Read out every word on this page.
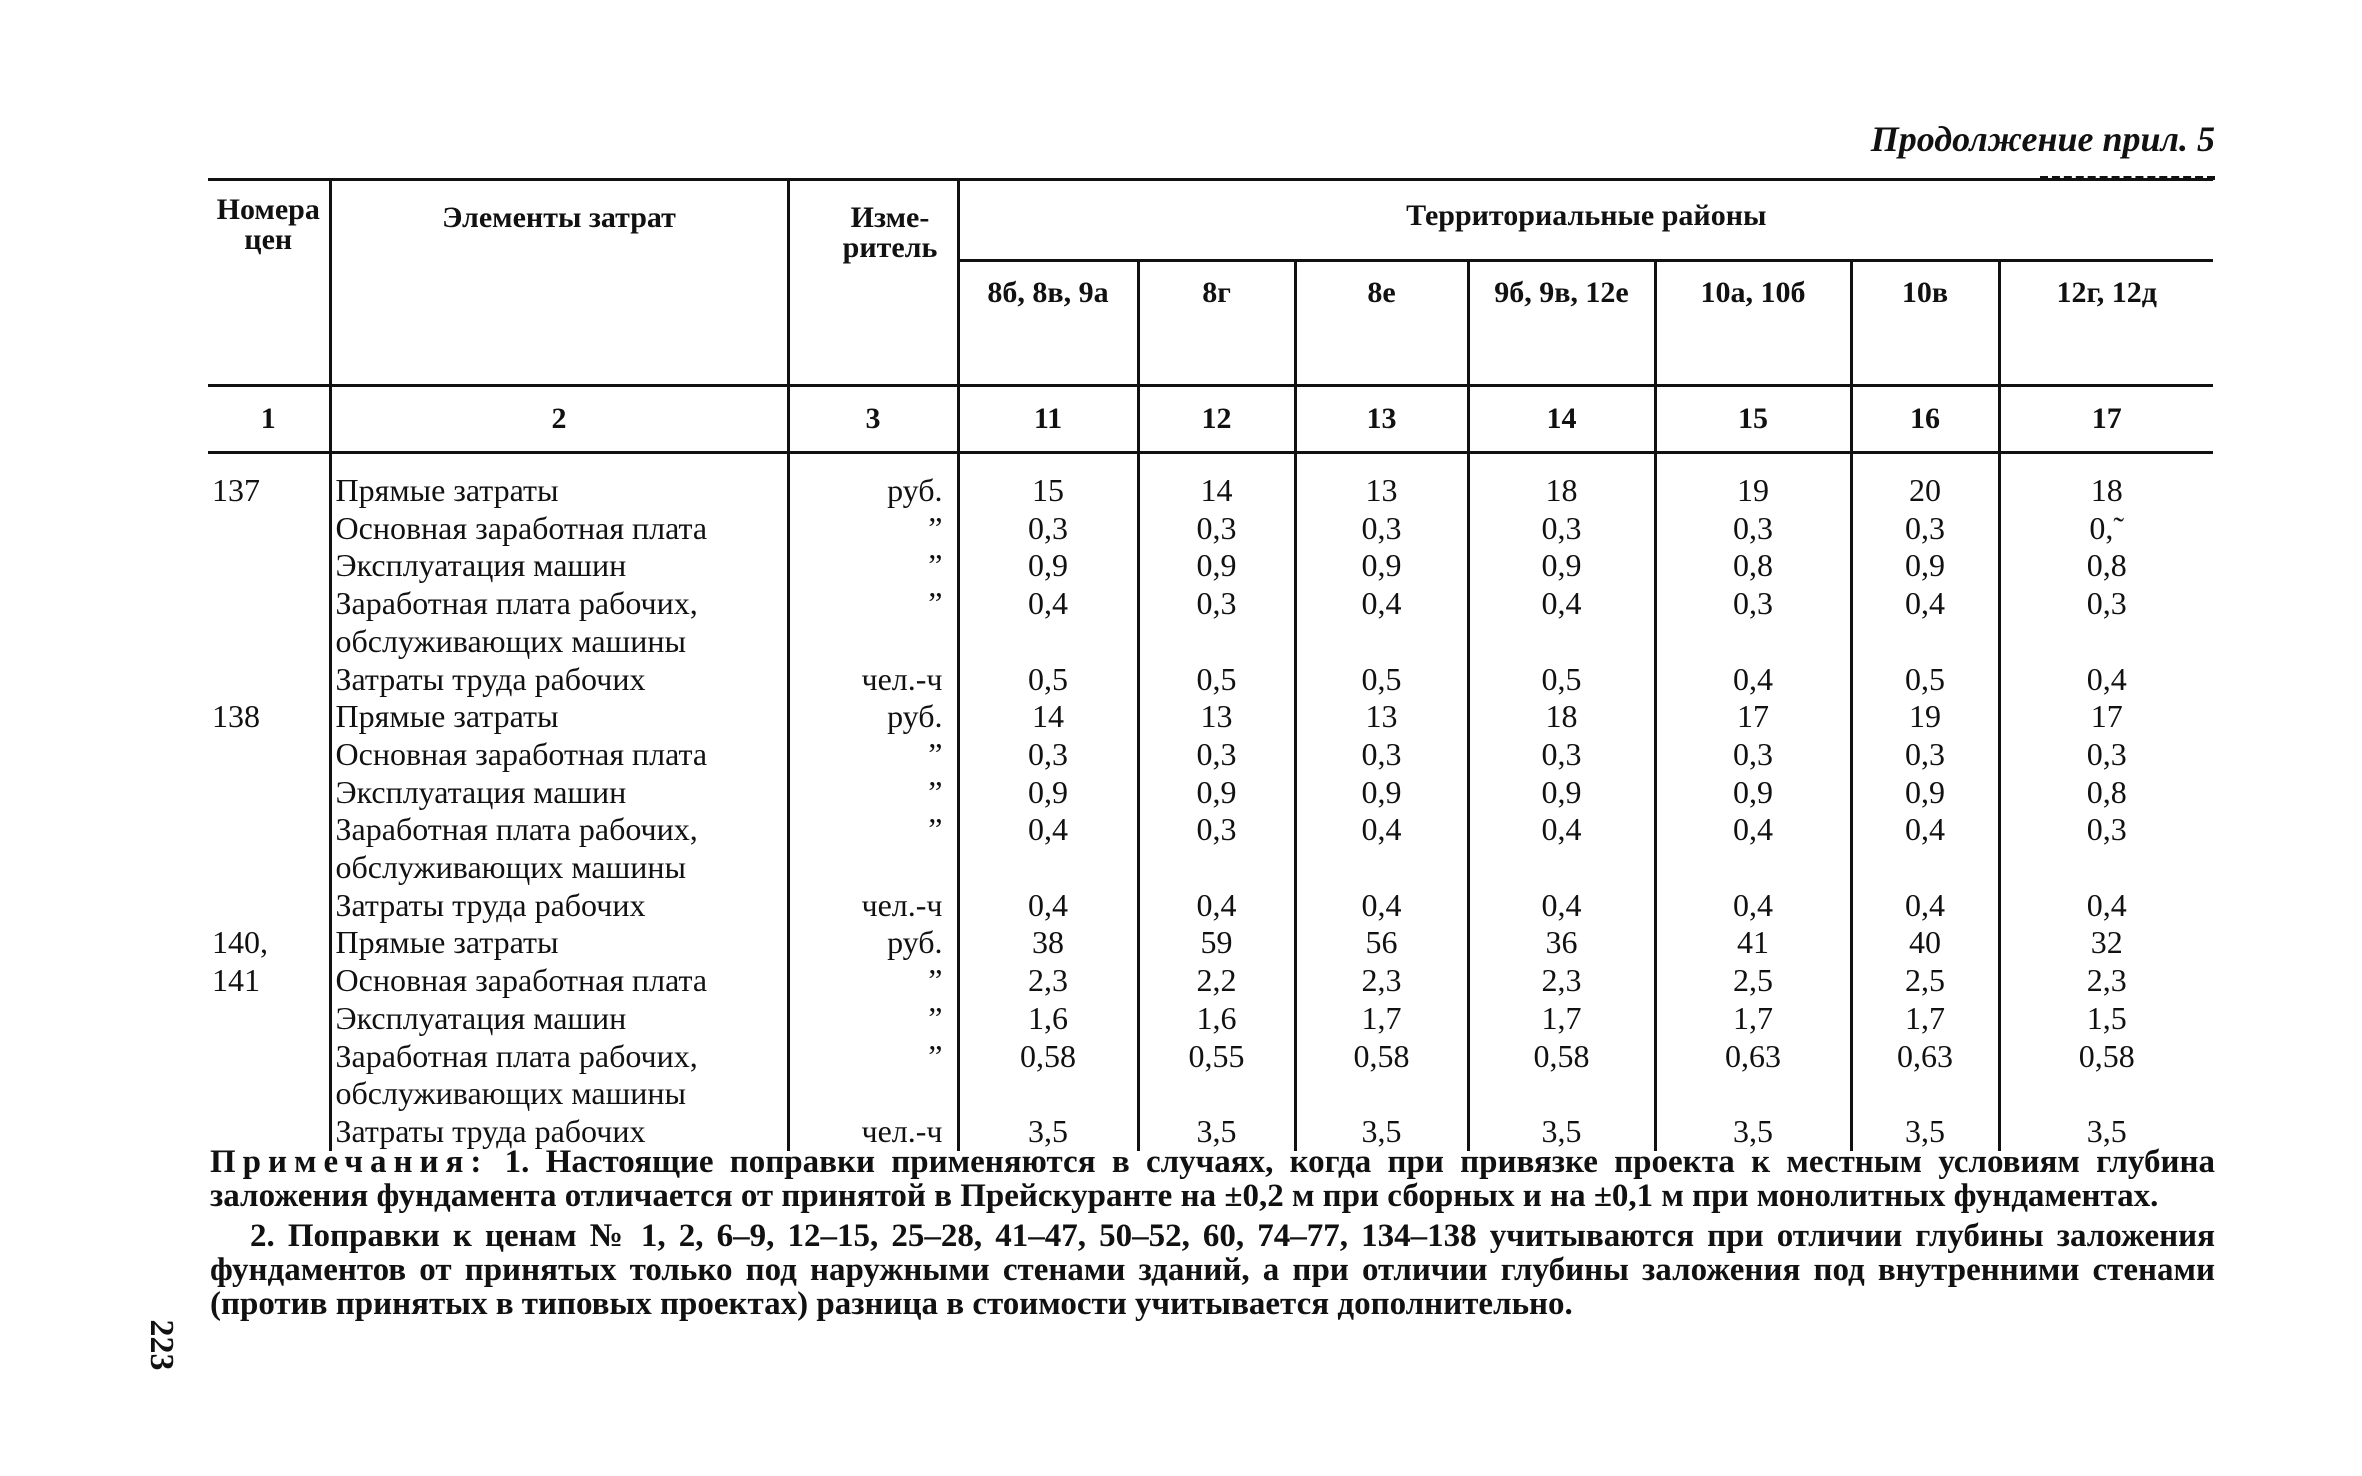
Продолжение прил. 5
Номера цен	Элементы затрат	Изме-ритель	Территориальные районы						
			8б, 8в, 9а	8г	8е	9б, 9в, 12е	10а, 10б	10в	12г, 12д
1	2	3	11	12	13	14	15	16	17
137	Прямые затраты	руб.	15	14	13	18	19	20	18
	Основная заработная плата	”	0,3	0,3	0,3	0,3	0,3	0,3	0,˜
	Эксплуатация машин	”	0,9	0,9	0,9	0,9	0,8	0,9	0,8
	Заработная плата рабочих,	”	0,4	0,3	0,4	0,4	0,3	0,4	0,3
	обслуживающих машины								
	Затраты труда рабочих	чел.-ч	0,5	0,5	0,5	0,5	0,4	0,5	0,4
138	Прямые затраты	руб.	14	13	13	18	17	19	17
	Основная заработная плата	”	0,3	0,3	0,3	0,3	0,3	0,3	0,3
	Эксплуатация машин	”	0,9	0,9	0,9	0,9	0,9	0,9	0,8
	Заработная плата рабочих,	”	0,4	0,3	0,4	0,4	0,4	0,4	0,3
	обслуживающих машины								
	Затраты труда рабочих	чел.-ч	0,4	0,4	0,4	0,4	0,4	0,4	0,4
140,	Прямые затраты	руб.	38	59	56	36	41	40	32
141	Основная заработная плата	”	2,3	2,2	2,3	2,3	2,5	2,5	2,3
	Эксплуатация машин	”	1,6	1,6	1,7	1,7	1,7	1,7	1,5
	Заработная плата рабочих,	”	0,58	0,55	0,58	0,58	0,63	0,63	0,58
	обслуживающих машины								
	Затраты труда рабочих	чел.-ч	3,5	3,5	3,5	3,5	3,5	3,5	3,5

Примечания: 1. Настоящие поправки применяются в случаях, когда при привязке проекта к местным условиям глубина заложения фундамента отличается от принятой в Прейскуранте на ±0,2 м при сборных и на ±0,1 м при монолитных фундаментах.

2. Поправки к ценам № 1, 2, 6–9, 12–15, 25–28, 41–47, 50–52, 60, 74–77, 134–138 учитываются при отличии глубины заложения фундаментов от принятых только под наружными стенами зданий, а при отличии глубины заложения под внутренними стенами (против принятых в типовых проектах) разница в стоимости учитывается дополнительно.

223
